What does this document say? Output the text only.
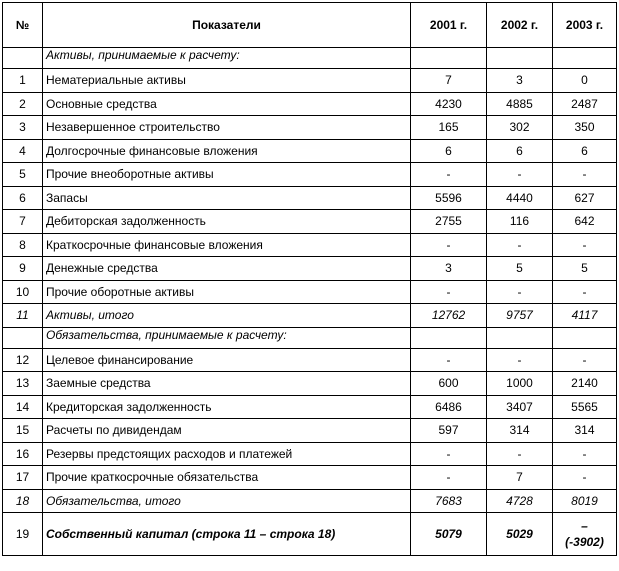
№	Показатели	2001 г.	2002 г.	2003 г.
	Активы, принимаемые к расчету:			
1	Нематериальные активы	7	3	0
2	Основные средства	4230	4885	2487
3	Незавершенное строительство	165	302	350
4	Долгосрочные финансовые вложения	6	6	6
5	Прочие внеоборотные активы	-	-	-
6	Запасы	5596	4440	627
7	Дебиторская задолженность	2755	116	642
8	Краткосрочные финансовые вложения	-	-	-
9	Денежные средства	3	5	5
10	Прочие оборотные активы	-	-	-
11	Активы, итого	12762	9757	4117
	Обязательства, принимаемые к расчету:			
12	Целевое финансирование	-	-	-
13	Заемные средства	600	1000	2140
14	Кредиторская задолженность	6486	3407	5565
15	Расчеты по дивидендам	597	314	314
16	Резервы предстоящих расходов и платежей	-	-	-
17	Прочие краткосрочные обязательства	-	7	-
18	Обязательства, итого	7683	4728	8019
19	Собственный капитал (строка 11 – строка 18)	5079	5029	–
(-3902)
